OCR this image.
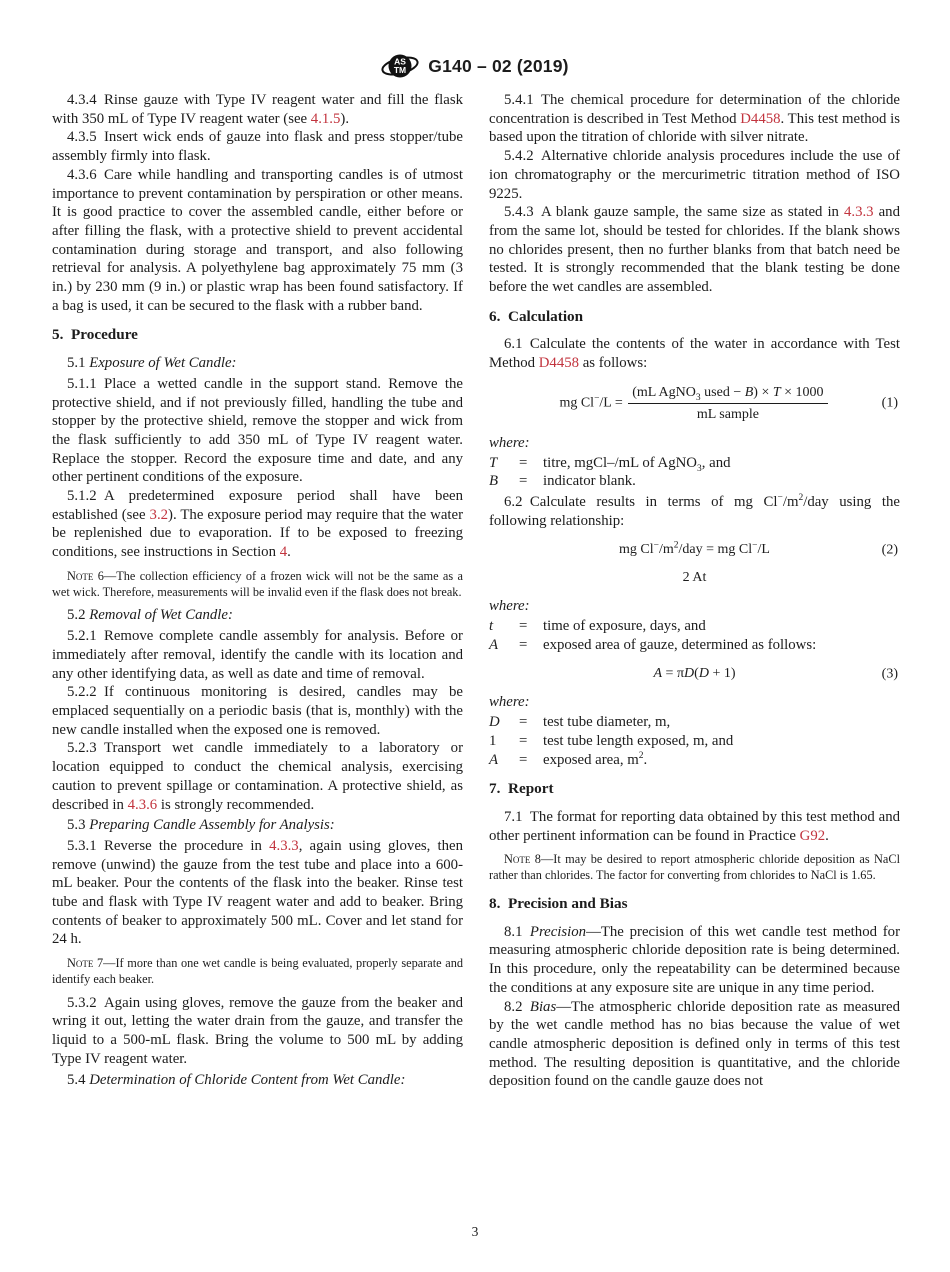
AS
TM G140 – 02 (2019)

4.3.4 Rinse gauze with Type IV reagent water and fill the flask with 350 mL of Type IV reagent water (see 4.1.5).

4.3.5 Insert wick ends of gauze into flask and press stopper/tube assembly firmly into flask.

4.3.6 Care while handling and transporting candles is of utmost importance to prevent contamination by perspiration or other means. It is good practice to cover the assembled candle, either before or after filling the flask, with a protective shield to prevent accidental contamination during storage and transport, and also following retrieval for analysis. A polyethylene bag approximately 75 mm (3 in.) by 230 mm (9 in.) or plastic wrap has been found satisfactory. If a bag is used, it can be secured to the flask with a rubber band.

5. Procedure

5.1 Exposure of Wet Candle:

5.1.1 Place a wetted candle in the support stand. Remove the protective shield, and if not previously filled, handling the tube and stopper by the protective shield, remove the stopper and wick from the flask sufficiently to add 350 mL of Type IV reagent water. Replace the stopper. Record the exposure time and date, and any other pertinent conditions of the exposure.

5.1.2 A predetermined exposure period shall have been established (see 3.2). The exposure period may require that the water be replenished due to evaporation. If to be exposed to freezing conditions, see instructions in Section 4.

Note 6—The collection efficiency of a frozen wick will not be the same as a wet wick. Therefore, measurements will be invalid even if the flask does not break.

5.2 Removal of Wet Candle:

5.2.1 Remove complete candle assembly for analysis. Before or immediately after removal, identify the candle with its location and any other identifying data, as well as date and time of removal.

5.2.2 If continuous monitoring is desired, candles may be emplaced sequentially on a periodic basis (that is, monthly) with the new candle installed when the exposed one is removed.

5.2.3 Transport wet candle immediately to a laboratory or location equipped to conduct the chemical analysis, exercising caution to prevent spillage or contamination. A protective shield, as described in 4.3.6 is strongly recommended.

5.3 Preparing Candle Assembly for Analysis:

5.3.1 Reverse the procedure in 4.3.3, again using gloves, then remove (unwind) the gauze from the test tube and place into a 600-mL beaker. Pour the contents of the flask into the beaker. Rinse test tube and flask with Type IV reagent water and add to beaker. Bring contents of beaker to approximately 500 mL. Cover and let stand for 24 h.

Note 7—If more than one wet candle is being evaluated, properly separate and identify each beaker.

5.3.2 Again using gloves, remove the gauze from the beaker and wring it out, letting the water drain from the gauze, and transfer the liquid to a 500-mL flask. Bring the volume to 500 mL by adding Type IV reagent water.

5.4 Determination of Chloride Content from Wet Candle:

5.4.1 The chemical procedure for determination of the chloride concentration is described in Test Method D4458. This test method is based upon the titration of chloride with silver nitrate.

5.4.2 Alternative chloride analysis procedures include the use of ion chromatography or the mercurimetric titration method of ISO 9225.

5.4.3 A blank gauze sample, the same size as stated in 4.3.3 and from the same lot, should be tested for chlorides. If the blank shows no chlorides present, then no further blanks from that batch need be tested. It is strongly recommended that the blank testing be done before the wet candles are assembled.

6. Calculation

6.1 Calculate the contents of the water in accordance with Test Method D4458 as follows:

mg $Cl^-/L = \frac{(mL AgNO_3 used - B) \times T \times 1000}{\text{mL sample}}$	(1)

where:

T	=	titre, mgCl–/mL of AgNO$_3$, and
B	=	indicator blank.

6.2 Calculate results in terms of mg $Cl^-/m^2$/day using the following relationship:

mg $Cl^-/m^2$/day = mg Cl−/L	(2)
2 At

where:

t	=	time of exposure, days, and
A	=	exposed area of gauze, determined as follows:
A = πD(D + 1)	(3)

where:

D	=	test tube diameter, m,
1	=	test tube length exposed, m, and
A	=	exposed area, $m^2$.
7. Report

7.1 The format for reporting data obtained by this test method and other pertinent information can be found in Practice G92.

Note 8—It may be desired to report atmospheric chloride deposition as NaCl rather than chlorides. The factor for converting from chlorides to NaCl is 1.65.

8. Precision and Bias

8.1 Precision—The precision of this wet candle test method for measuring atmospheric chloride deposition rate is being determined. In this procedure, only the repeatability can be determined because the conditions at any exposure site are unique in any time period.

8.2 Bias—The atmospheric chloride deposition rate as measured by the wet candle method has no bias because the value of wet candle atmospheric deposition is defined only in terms of this test method. The resulting deposition is quantitative, and the chloride deposition found on the candle gauze does not

3
